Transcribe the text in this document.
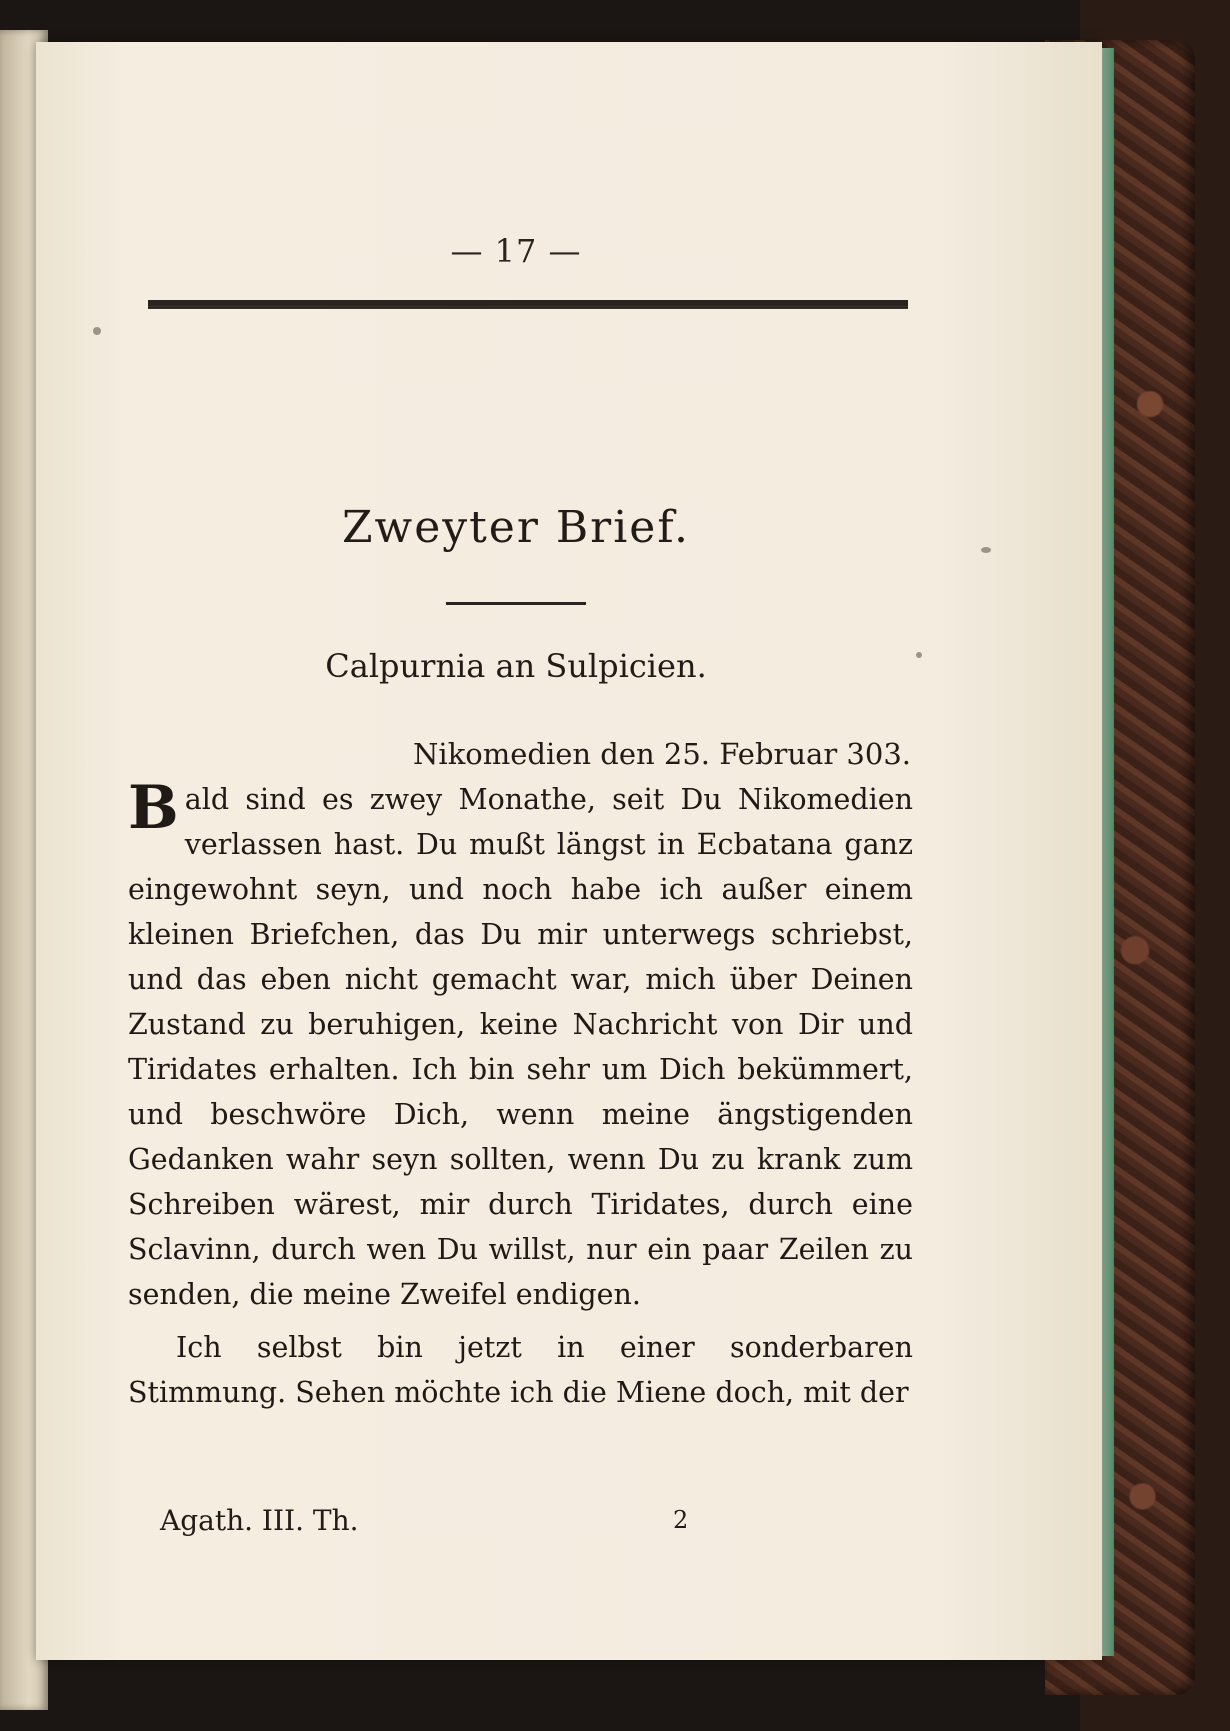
— 17 —
Zweyter Brief.
Calpurnia an Sulpicien.
Nikomedien den 25. Februar 303.

Bald sind es zwey Monathe, seit Du Nikomedien verlassen hast. Du mußt längst in Ecbatana ganz eingewohnt seyn, und noch habe ich außer einem kleinen Briefchen, das Du mir unterwegs schriebst, und das eben nicht gemacht war, mich über Deinen Zustand zu beruhigen, keine Nachricht von Dir und Tiridates erhalten. Ich bin sehr um Dich bekümmert, und beschwöre Dich, wenn meine ängstigenden Gedanken wahr seyn sollten, wenn Du zu krank zum Schreiben wärest, mir durch Tiridates, durch eine Sclavinn, durch wen Du willst, nur ein paar Zeilen zu senden, die meine Zweifel endigen.

Ich selbst bin jetzt in einer sonderbaren Stimmung. Sehen möchte ich die Miene doch, mit der

Agath. III. Th.	2
